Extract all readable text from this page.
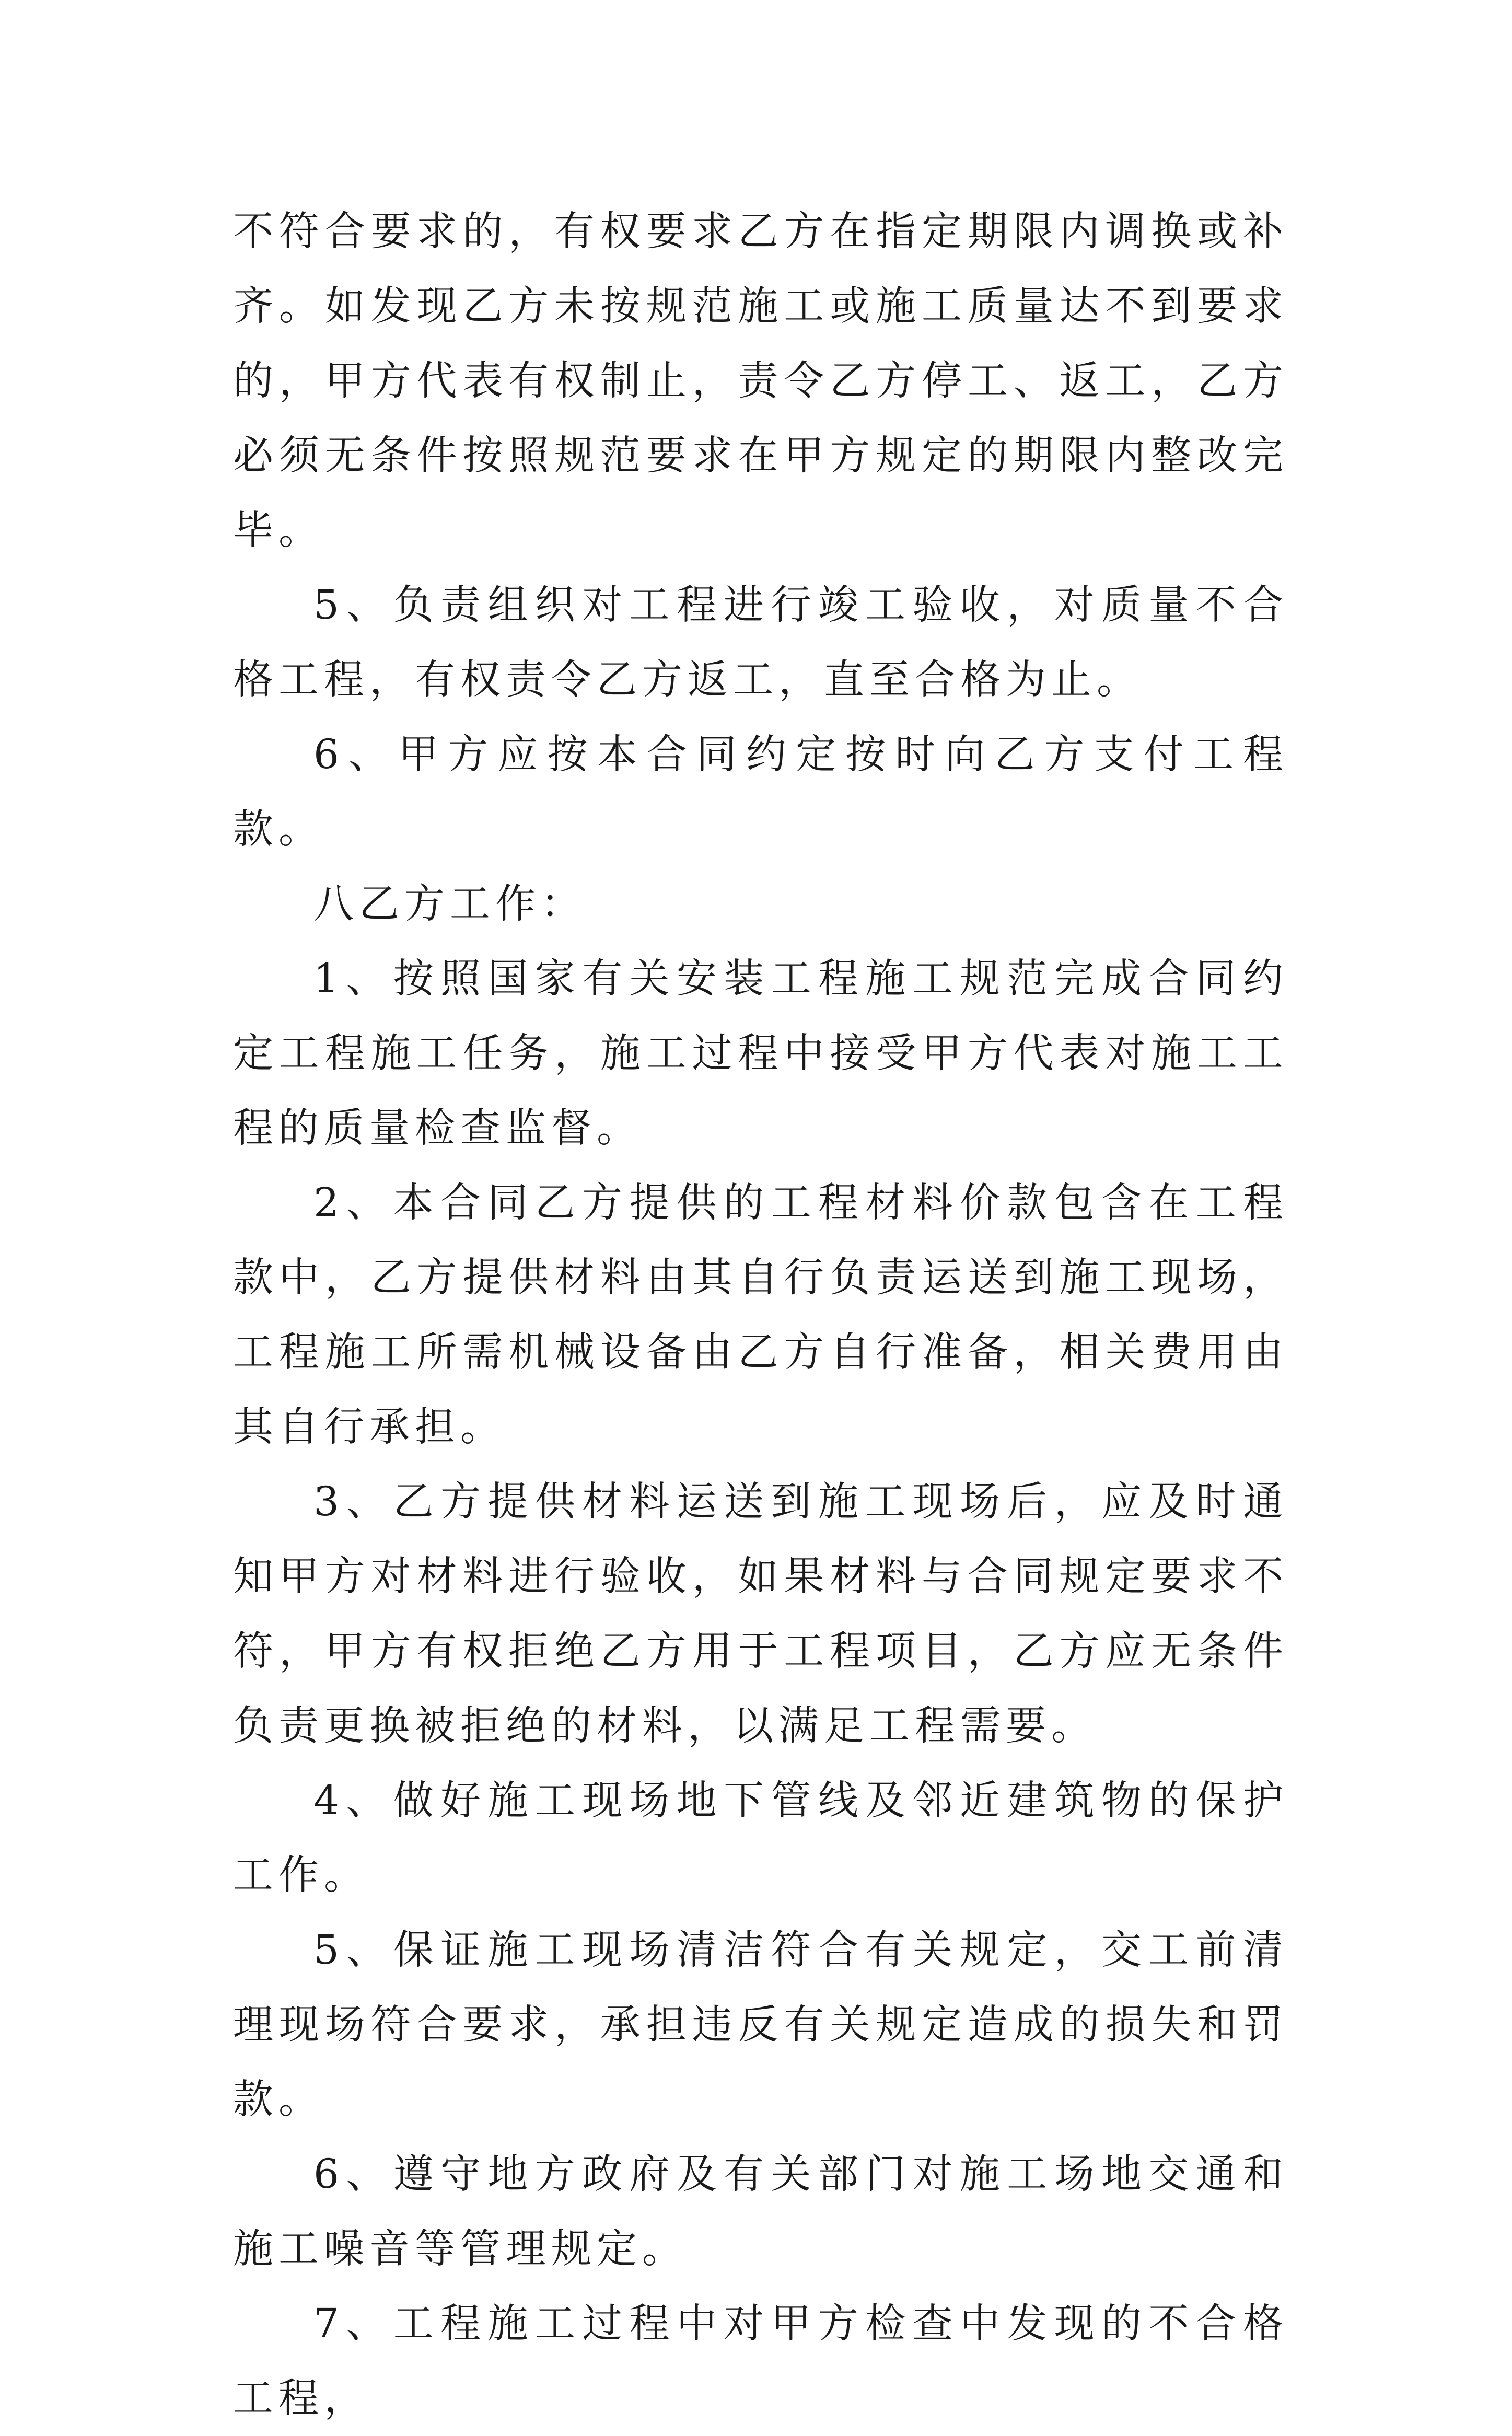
不符合要求的，有权要求乙方在指定期限内调换或补齐。如发现乙方未按规范施工或施工质量达不到要求的，甲方代表有权制止，责令乙方停工、返工，乙方必须无条件按照规范要求在甲方规定的期限内整改完毕。

5、负责组织对工程进行竣工验收，对质量不合格工程，有权责令乙方返工，直至合格为止。

6、甲方应按本合同约定按时向乙方支付工程款。

八乙方工作：

1、按照国家有关安装工程施工规范完成合同约定工程施工任务，施工过程中接受甲方代表对施工工程的质量检查监督。

2、本合同乙方提供的工程材料价款包含在工程款中，乙方提供材料由其自行负责运送到施工现场，工程施工所需机械设备由乙方自行准备，相关费用由其自行承担。

3、乙方提供材料运送到施工现场后，应及时通知甲方对材料进行验收，如果材料与合同规定要求不符，甲方有权拒绝乙方用于工程项目，乙方应无条件负责更换被拒绝的材料，以满足工程需要。

4、做好施工现场地下管线及邻近建筑物的保护工作。

5、保证施工现场清洁符合有关规定，交工前清理现场符合要求，承担违反有关规定造成的损失和罚款。

6、遵守地方政府及有关部门对施工场地交通和施工噪音等管理规定。

7、工程施工过程中对甲方检查中发现的不合格工程，
